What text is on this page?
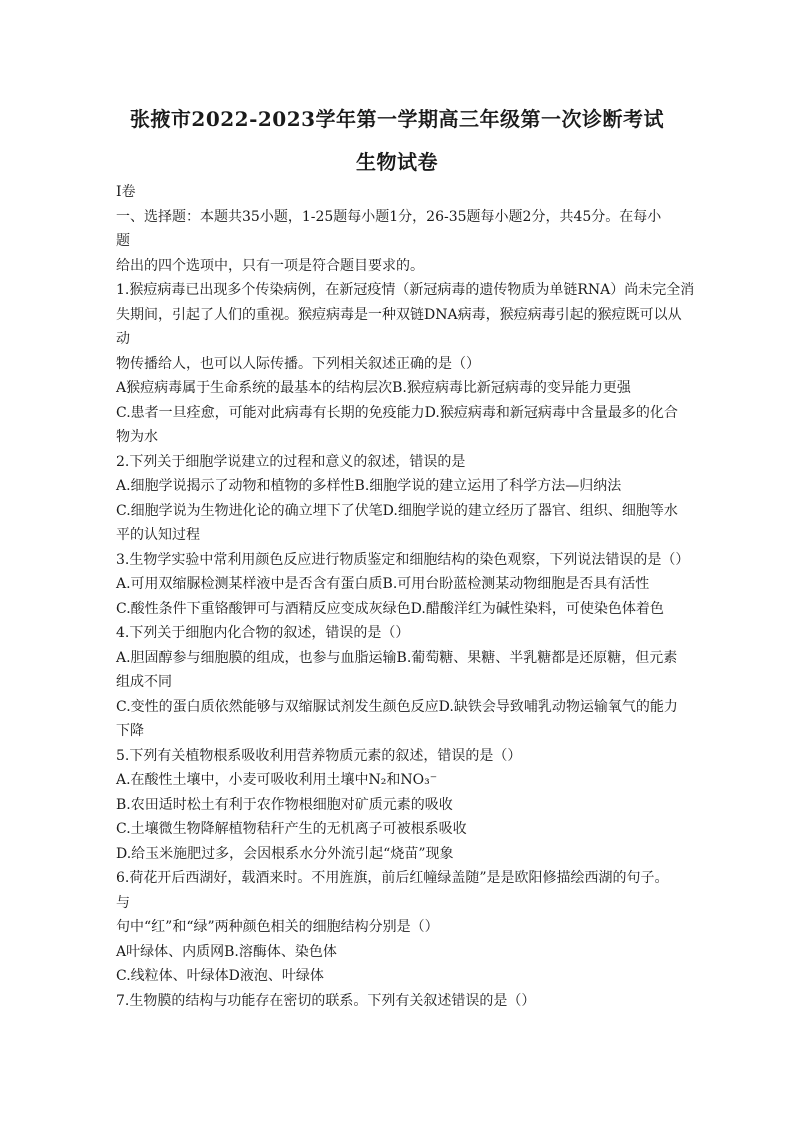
张掖市2022-2023学年第一学期高三年级第一次诊断考试
生物试卷
I卷
一、选择题：本题共35小题，1-25题每小题1分，26-35题每小题2分，共45分。在每小
题
给出的四个选项中，只有一项是符合题目要求的。
1.猴痘病毒已出现多个传染病例，在新冠疫情（新冠病毒的遗传物质为单链RNA）尚未完全消
失期间，引起了人们的重视。猴痘病毒是一种双链DNA病毒，猴痘病毒引起的猴痘既可以从
动
物传播给人，也可以人际传播。下列相关叙述正确的是（）
A猴痘病毒属于生命系统的最基本的结构层次B.猴痘病毒比新冠病毒的变异能力更强
C.患者一旦痊愈，可能对此病毒有长期的免疫能力D.猴痘病毒和新冠病毒中含量最多的化合
物为水
2.下列关于细胞学说建立的过程和意义的叙述，错误的是
A.细胞学说揭示了动物和植物的多样性B.细胞学说的建立运用了科学方法—归纳法
C.细胞学说为生物进化论的确立埋下了伏笔D.细胞学说的建立经历了器官、组织、细胞等水
平的认知过程
3.生物学实验中常利用颜色反应进行物质鉴定和细胞结构的染色观察，下列说法错误的是（）
A.可用双缩脲检测某样液中是否含有蛋白质B.可用台盼蓝检测某动物细胞是否具有活性
C.酸性条件下重铬酸钾可与酒精反应变成灰绿色D.醋酸洋红为碱性染料，可使染色体着色
4.下列关于细胞内化合物的叙述，错误的是（）
A.胆固醇参与细胞膜的组成，也参与血脂运输B.葡萄糖、果糖、半乳糖都是还原糖，但元素
组成不同
C.变性的蛋白质依然能够与双缩脲试剂发生颜色反应D.缺铁会导致哺乳动物运输氧气的能力
下降
5.下列有关植物根系吸收利用营养物质元素的叙述，错误的是（）
A.在酸性土壤中，小麦可吸收利用土壤中N₂和NO₃⁻
B.农田适时松土有利于农作物根细胞对矿质元素的吸收
C.土壤微生物降解植物秸秆产生的无机离子可被根系吸收
D.给玉米施肥过多，会因根系水分外流引起“烧苗”现象
6.荷花开后西湖好，载酒来时。不用旌旗，前后红幢绿盖随”是是欧阳修描绘西湖的句子。
与
句中“红”和“绿”两种颜色相关的细胞结构分别是（）
A叶绿体、内质网B.溶酶体、染色体
C.线粒体、叶绿体D液泡、叶绿体
7.生物膜的结构与功能存在密切的联系。下列有关叙述错误的是（）
